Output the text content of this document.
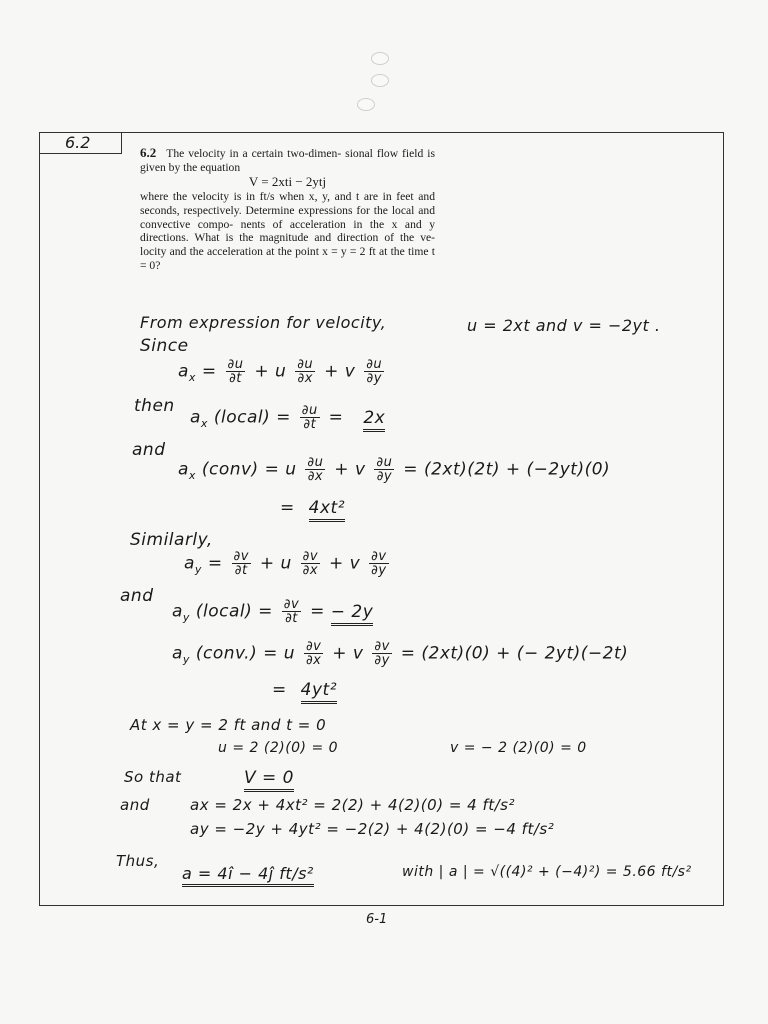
6.2
6.2 The velocity in a certain two-dimen- sional flow field is given by the equation
V = 2xti − 2ytj
where the velocity is in ft/s when x, y, and t are in feet and seconds, respectively. Determine expressions for the local and convective compo- nents of acceleration in the x and y directions. What is the magnitude and direction of the ve- locity and the acceleration at the point x = y = 2 ft at the time t = 0?
From expression for velocity,	u = 2xt and v = −2yt .
Since
$a_x = \frac{\partial u}{\partial t} + u \frac{\partial u}{\partial x} + v \frac{\partial u}{\partial y}$
then
$a_x$ (local) = $\frac{\partial u}{\partial t} = 2x$
and
$a_x$ (conv) = u $\frac{\partial u}{\partial x} + v \frac{\partial u}{\partial y} = (2xt)(2t) + (-2yt)(0)$
= 4xt²
Similarly,
$a_y = \frac{\partial v}{\partial t} + u \frac{\partial v}{\partial x} + v \frac{\partial v}{\partial y}$
and
$a_y$ (local) = $\frac{\partial v}{\partial t}$ = − 2y
$a_y$ (conv.) = u $\frac{\partial v}{\partial x} + v \frac{\partial v}{\partial y} = (2xt)(0)$ + (− 2yt)(−2t)
= 4yt²
At x = y = 2 ft and t = 0
u = 2 (2)(0) = 0	v = − 2 (2)(0) = 0
So that	V = 0
and	ax = 2x + 4xt² = 2(2) + 4(2)(0) = 4 ft/s²
ay = −2y + 4yt² = −2(2) + 4(2)(0) = −4 ft/s²
Thus,
a = 4î − 4ĵ ft/s²	with | a | = √((4)² + (−4)²) = 5.66 ft/s²
6-1
